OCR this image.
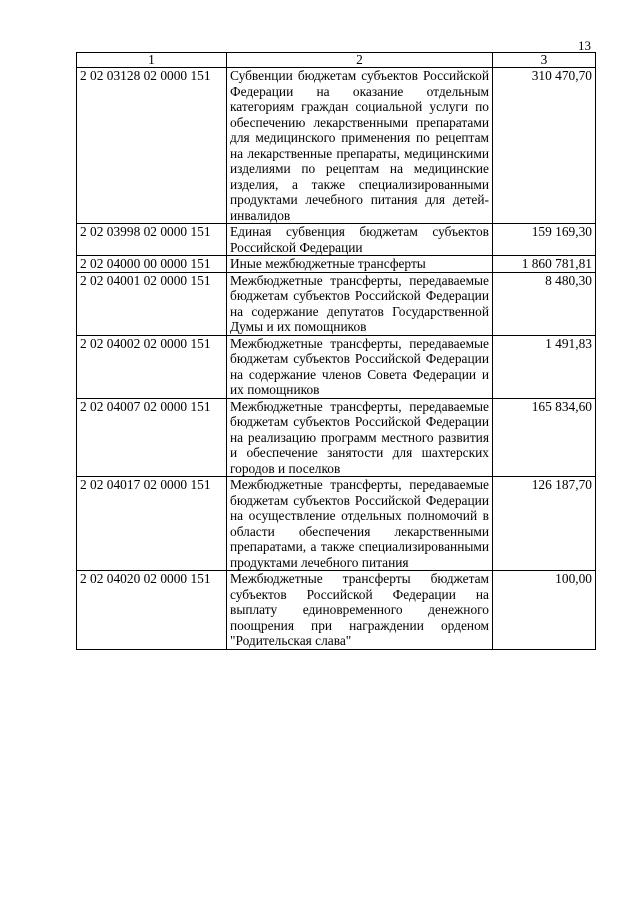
13
1	2	3
2 02 03128 02 0000 151	Субвенции бюджетам субъектов Российской Федерации на оказание отдельным категориям граждан социальной услуги по обеспечению лекарственными препаратами для медицинского применения по рецептам на лекарственные препараты, медицинскими изделиями по рецептам на медицинские изделия, а также специализированными продуктами лечебного питания для детей-инвалидов	310 470,70
2 02 03998 02 0000 151	Единая субвенция бюджетам субъектов Российской Федерации	159 169,30
2 02 04000 00 0000 151	Иные межбюджетные трансферты	1 860 781,81
2 02 04001 02 0000 151	Межбюджетные трансферты, передаваемые бюджетам субъектов Российской Федерации на содержание депутатов Государственной Думы и их помощников	8 480,30
2 02 04002 02 0000 151	Межбюджетные трансферты, передаваемые бюджетам субъектов Российской Федерации на содержание членов Совета Федерации и их помощников	1 491,83
2 02 04007 02 0000 151	Межбюджетные трансферты, передаваемые бюджетам субъектов Российской Федерации на реализацию программ местного развития и обеспечение занятости для шахтерских городов и поселков	165 834,60
2 02 04017 02 0000 151	Межбюджетные трансферты, передаваемые бюджетам субъектов Российской Федерации на осуществление отдельных полномочий в области обеспечения лекарственными препаратами, а также специализированными продуктами лечебного питания	126 187,70
2 02 04020 02 0000 151	Межбюджетные трансферты бюджетам субъектов Российской Федерации на выплату единовременного денежного поощрения при награждении орденом "Родительская слава"	100,00
